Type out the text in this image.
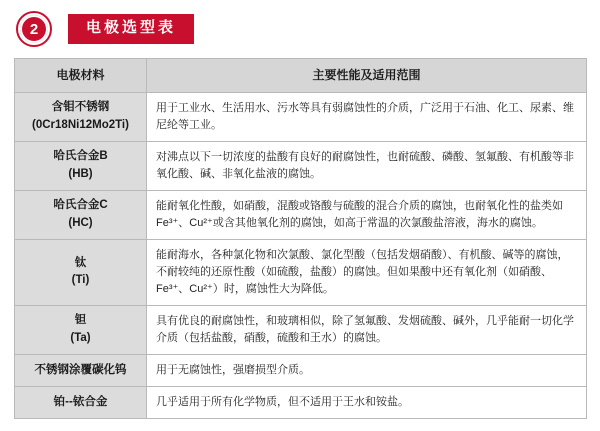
2	电极选型表
电极材料	主要性能及适用范围

含钼不锈钢
(0Cr18Ni12Mo2Ti)	用于工业水、生活用水、污水等具有弱腐蚀性的介质，广泛用于石油、化工、尿素、维尼纶等工业。

哈氏合金B
(HB)	对沸点以下一切浓度的盐酸有良好的耐腐蚀性，也耐硫酸、磷酸、氢氟酸、有机酸等非氧化酸、碱、非氧化盐液的腐蚀。

哈氏合金C
(HC)	能耐氧化性酸，如硝酸，混酸或铬酸与硫酸的混合介质的腐蚀，也耐氧化性的盐类如Fe³⁺、Cu²⁺或含其他氧化剂的腐蚀，如高于常温的次氯酸盐溶液，海水的腐蚀。

钛
(Ti)	能耐海水，各种氯化物和次氯酸、氯化型酸（包括发烟硝酸）、有机酸、碱等的腐蚀，不耐较纯的还原性酸（如硫酸，盐酸）的腐蚀。但如果酸中还有氧化剂（如硝酸、Fe³⁺、Cu²⁺）时，腐蚀性大为降低。

钽
(Ta)	具有优良的耐腐蚀性，和玻璃相似，除了氢氟酸、发烟硫酸、碱外，几乎能耐一切化学介质（包括盐酸，硝酸，硫酸和王水）的腐蚀。

不锈钢涂覆碳化钨	用于无腐蚀性，强磨损型介质。

铂--铱合金	几乎适用于所有化学物质，但不适用于王水和铵盐。
